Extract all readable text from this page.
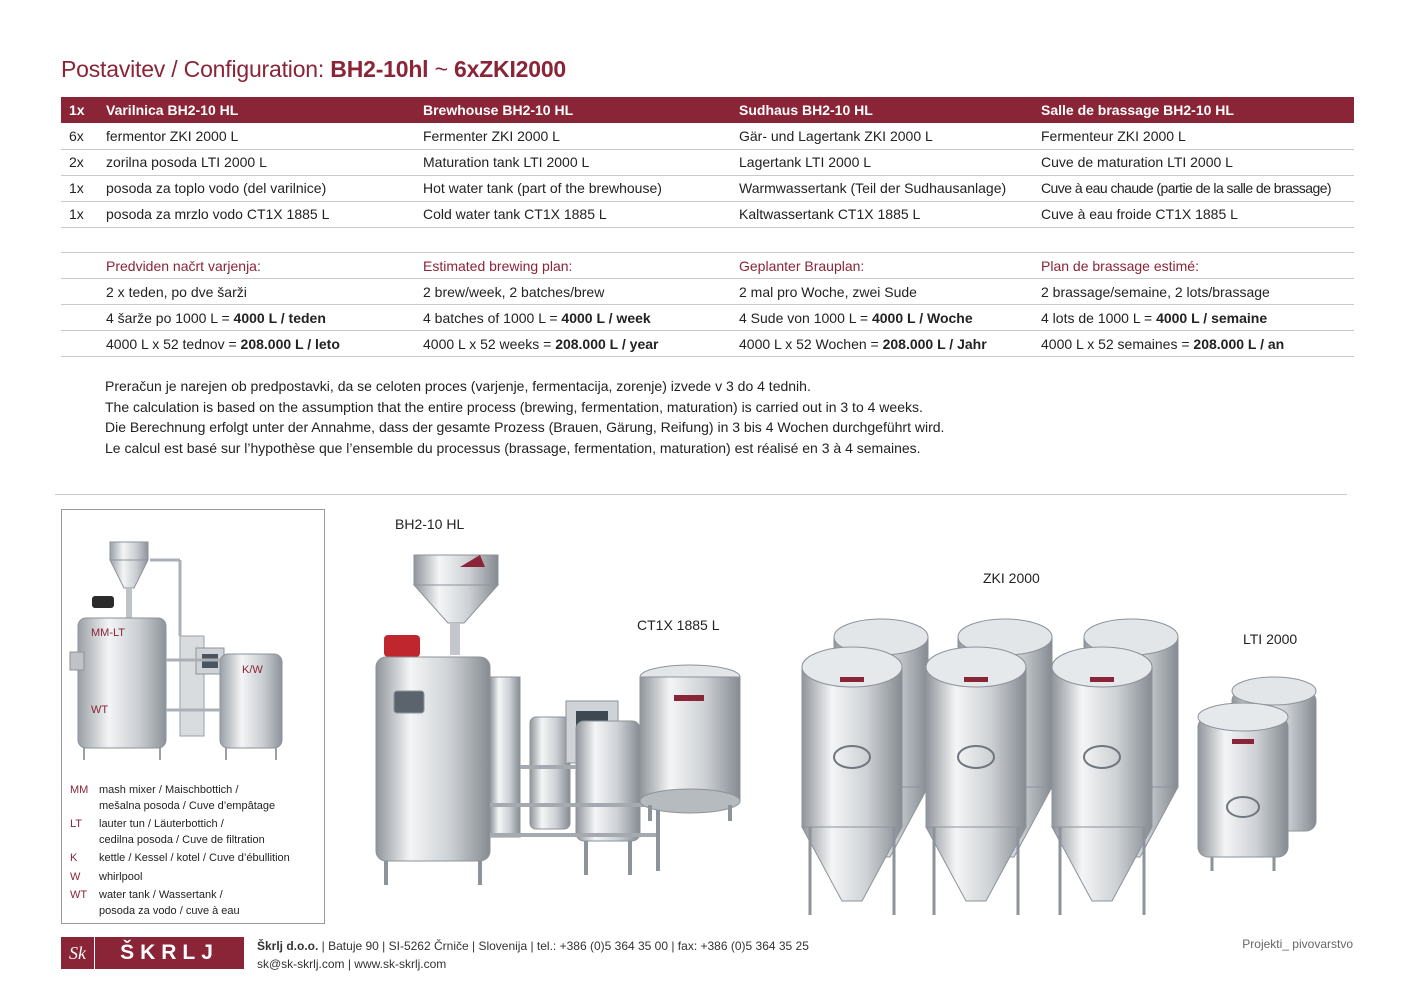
Postavitev / Configuration: BH2-10hl ~ 6xZKI2000
1x	Varilnica BH2-10 HL	Brewhouse BH2-10 HL	Sudhaus BH2-10 HL	Salle de brassage BH2-10 HL
6x	fermentor ZKI 2000 L	Fermenter ZKI 2000 L	Gär- und Lagertank ZKI 2000 L	Fermenteur ZKI 2000 L
2x	zorilna posoda LTI 2000 L	Maturation tank LTI 2000 L	Lagertank LTI 2000 L	Cuve de maturation LTI 2000 L
1x	posoda za toplo vodo (del varilnice)	Hot water tank (part of the brewhouse)	Warmwassertank (Teil der Sudhausanlage)	Cuve à eau chaude (partie de la salle de brassage)
1x	posoda za mrzlo vodo CT1X 1885 L	Cold water tank CT1X 1885 L	Kaltwassertank CT1X 1885 L	Cuve à eau froide CT1X 1885 L
	Predviden načrt varjenja:	Estimated brewing plan:	Geplanter Brauplan:	Plan de brassage estimé:
	2 x teden, po dve šarži	2 brew/week, 2 batches/brew	2 mal pro Woche, zwei Sude	2 brassage/semaine, 2 lots/brassage
	4 šarže po 1000 L = 4000 L / teden	4 batches of 1000 L = 4000 L / week	4 Sude von 1000 L = 4000 L / Woche	4 lots de 1000 L = 4000 L / semaine
	4000 L x 52 tednov = 208.000 L / leto	4000 L x 52 weeks = 208.000 L / year	4000 L x 52 Wochen = 208.000 L / Jahr	4000 L x 52 semaines = 208.000 L / an
Preračun je narejen ob predpostavki, da se celoten proces (varjenje, fermentacija, zorenje) izvede v 3 do 4 tednih.
The calculation is based on the assumption that the entire process (brewing, fermentation, maturation) is carried out in 3 to 4 weeks.
Die Berechnung erfolgt unter der Annahme, dass der gesamte Prozess (Brauen, Gärung, Reifung) in 3 bis 4 Wochen durchgeführt wird.
Le calcul est basé sur l’hypothèse que l’ensemble du processus (brassage, fermentation, maturation) est réalisé en 3 à 4 semaines.
MM-LT
K/W
WT
MM mash mixer / Maischbottich /
mešalna posoda / Cuve d’empâtage
LT	lauter tun / Läuterbottich /
cedilna posoda / Cuve de filtration
K	kettle / Kessel / kotel / Cuve d’ébullition
W	whirlpool
WT	water tank / Wassertank /
posoda za vodo / cuve à eau
BH2-10 HL
CT1X 1885 L
ZKI 2000
LTI 2000
Sk	ŠKRLJ	Škrlj d.o.o. | Batuje 90 | SI-5262 Črniče | Slovenija | tel.: +386 (0)5 364 35 00 | fax: +386 (0)5 364 35 25
sk@sk-skrlj.com | www.sk-skrlj.com
Projekti_ pivovarstvo
